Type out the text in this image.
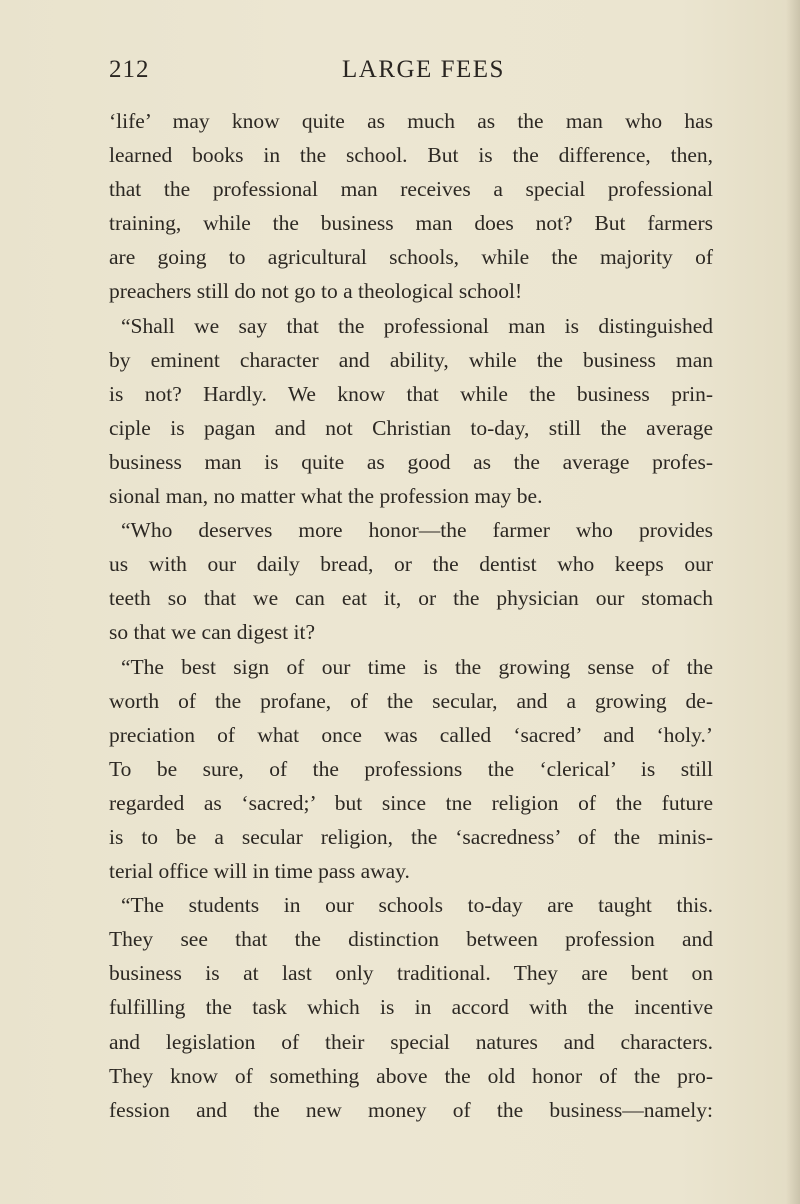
212	LARGE FEES
‘life’ may know quite as much as the man who has
learned books in the school. But is the difference, then,
that the professional man receives a special professional
training, while the business man does not? But farmers
are going to agricultural schools, while the majority of
preachers still do not go to a theological school!
“Shall we say that the professional man is distinguished
by eminent character and ability, while the business man
is not? Hardly. We know that while the business prin-
ciple is pagan and not Christian to-day, still the average
business man is quite as good as the average profes-
sional man, no matter what the profession may be.
“Who deserves more honor—the farmer who provides
us with our daily bread, or the dentist who keeps our
teeth so that we can eat it, or the physician our stomach
so that we can digest it?
“The best sign of our time is the growing sense of the
worth of the profane, of the secular, and a growing de-
preciation of what once was called ‘sacred’ and ‘holy.’
To be sure, of the professions the ‘clerical’ is still
regarded as ‘sacred;’ but since tne religion of the future
is to be a secular religion, the ‘sacredness’ of the minis-
terial office will in time pass away.
“The students in our schools to-day are taught this.
They see that the distinction between profession and
business is at last only traditional. They are bent on
fulfilling the task which is in accord with the incentive
and legislation of their special natures and characters.
They know of something above the old honor of the pro-
fession and the new money of the business—namely:
